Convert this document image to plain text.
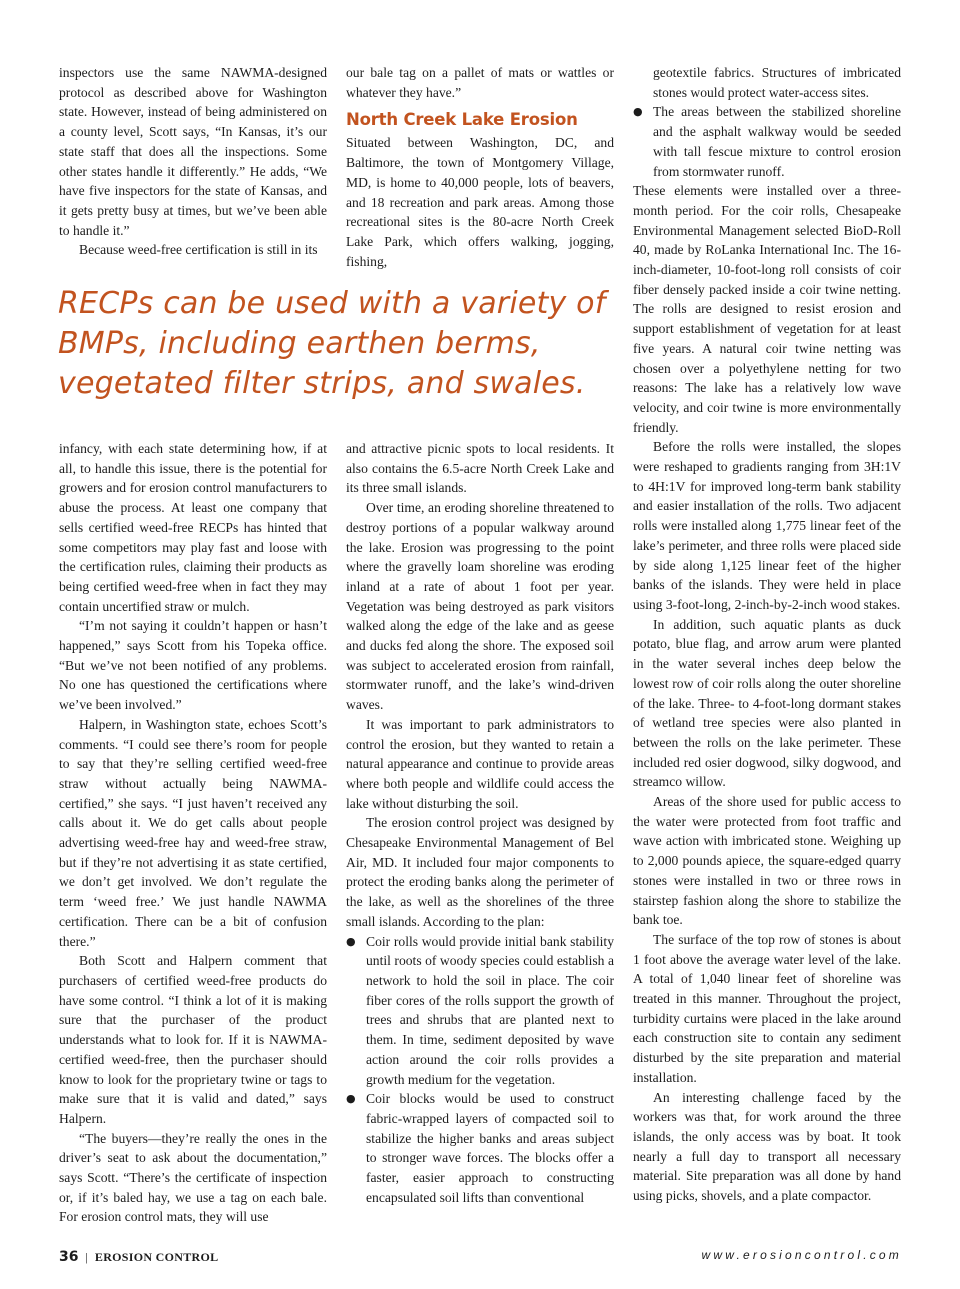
inspectors use the same NAWMA-designed protocol as described above for Washington state. However, instead of being administered on a county level, Scott says, “In Kansas, it’s our state staff that does all the inspections. Some other states handle it differently.” He adds, “We have five inspectors for the state of Kansas, and it gets pretty busy at times, but we’ve been able to handle it.”

Because weed-free certification is still in its

our bale tag on a pallet of mats or wattles or whatever they have.”

North Creek Lake Erosion

Situated between Washington, DC, and Baltimore, the town of Montgomery Village, MD, is home to 40,000 people, lots of beavers, and 18 recreation and park areas. Among those recreational sites is the 80-acre North Creek Lake Park, which offers walking, jogging, fishing,

RECPs can be used with a variety of BMPs, including earthen berms, vegetated filter strips, and swales.

infancy, with each state determining how, if at all, to handle this issue, there is the potential for growers and for erosion control manufacturers to abuse the process. At least one company that sells certified weed-free RECPs has hinted that some competitors may play fast and loose with the certification rules, claiming their products as being certified weed-free when in fact they may contain uncertified straw or mulch.

“I’m not saying it couldn’t happen or hasn’t happened,” says Scott from his Topeka office. “But we’ve not been notified of any problems. No one has questioned the certifications where we’ve been involved.”

Halpern, in Washington state, echoes Scott’s comments. “I could see there’s room for people to say that they’re selling certified weed-free straw without actually being NAWMA-certified,” she says. “I just haven’t received any calls about it. We do get calls about people advertising weed-free hay and weed-free straw, but if they’re not advertising it as state certified, we don’t get involved. We don’t regulate the term ‘weed free.’ We just handle NAWMA certification. There can be a bit of confusion there.”

Both Scott and Halpern comment that purchasers of certified weed-free products do have some control. “I think a lot of it is making sure that the purchaser of the product understands what to look for. If it is NAWMA-certified weed-free, then the purchaser should know to look for the proprietary twine or tags to make sure that it is valid and dated,” says Halpern.

“The buyers—they’re really the ones in the driver’s seat to ask about the documentation,” says Scott. “There’s the certificate of inspection or, if it’s baled hay, we use a tag on each bale. For erosion control mats, they will use

and attractive picnic spots to local residents. It also contains the 6.5-acre North Creek Lake and its three small islands.

Over time, an eroding shoreline threatened to destroy portions of a popular walkway around the lake. Erosion was progressing to the point where the gravelly loam shoreline was eroding inland at a rate of about 1 foot per year. Vegetation was being destroyed as park visitors walked along the edge of the lake and as geese and ducks fed along the shore. The exposed soil was subject to accelerated erosion from rainfall, stormwater runoff, and the lake’s wind-driven waves.

It was important to park administrators to control the erosion, but they wanted to retain a natural appearance and continue to provide areas where both people and wildlife could access the lake without disturbing the soil.

The erosion control project was designed by Chesapeake Environmental Management of Bel Air, MD. It included four major components to protect the eroding banks along the perimeter of the lake, as well as the shorelines of the three small islands. According to the plan:

● Coir rolls would provide initial bank stability until roots of woody species could establish a network to hold the soil in place. The coir fiber cores of the rolls support the growth of trees and shrubs that are planted next to them. In time, sediment deposited by wave action around the coir rolls provides a growth medium for the vegetation.
● Coir blocks would be used to construct fabric-wrapped layers of compacted soil to stabilize the higher banks and areas subject to stronger wave forces. The blocks offer a faster, easier approach to constructing encapsulated soil lifts than conventional

geotextile fabrics. Structures of imbricated stones would protect water-access sites.

● The areas between the stabilized shoreline and the asphalt walkway would be seeded with tall fescue mixture to control erosion from stormwater runoff.

These elements were installed over a three-month period. For the coir rolls, Chesapeake Environmental Management selected BioD-Roll 40, made by RoLanka International Inc. The 16-inch-diameter, 10-foot-long roll consists of coir fiber densely packed inside a coir twine netting. The rolls are designed to resist erosion and support establishment of vegetation for at least five years. A natural coir twine netting was chosen over a polyethylene netting for two reasons: The lake has a relatively low wave velocity, and coir twine is more environmentally friendly.

Before the rolls were installed, the slopes were reshaped to gradients ranging from 3H:1V to 4H:1V for improved long-term bank stability and easier installation of the rolls. Two adjacent rolls were installed along 1,775 linear feet of the lake’s perimeter, and three rolls were placed side by side along 1,125 linear feet of the higher banks of the islands. They were held in place using 3-foot-long, 2-inch-by-2-inch wood stakes.

In addition, such aquatic plants as duck potato, blue flag, and arrow arum were planted in the water several inches deep below the lowest row of coir rolls along the outer shoreline of the lake. Three- to 4-foot-long dormant stakes of wetland tree species were also planted in between the rolls on the lake perimeter. These included red osier dogwood, silky dogwood, and streamco willow.

Areas of the shore used for public access to the water were protected from foot traffic and wave action with imbricated stone. Weighing up to 2,000 pounds apiece, the square-edged quarry stones were installed in two or three rows in stairstep fashion along the shore to stabilize the bank toe.

The surface of the top row of stones is about 1 foot above the average water level of the lake. A total of 1,040 linear feet of shoreline was treated in this manner. Throughout the project, turbidity curtains were placed in the lake around each construction site to contain any sediment disturbed by the site preparation and material installation.

An interesting challenge faced by the workers was that, for work around the three islands, the only access was by boat. It took nearly a full day to transport all necessary material. Site preparation was all done by hand using picks, shovels, and a plate compactor.

36 | EROSION CONTROL	www.erosioncontrol.com
